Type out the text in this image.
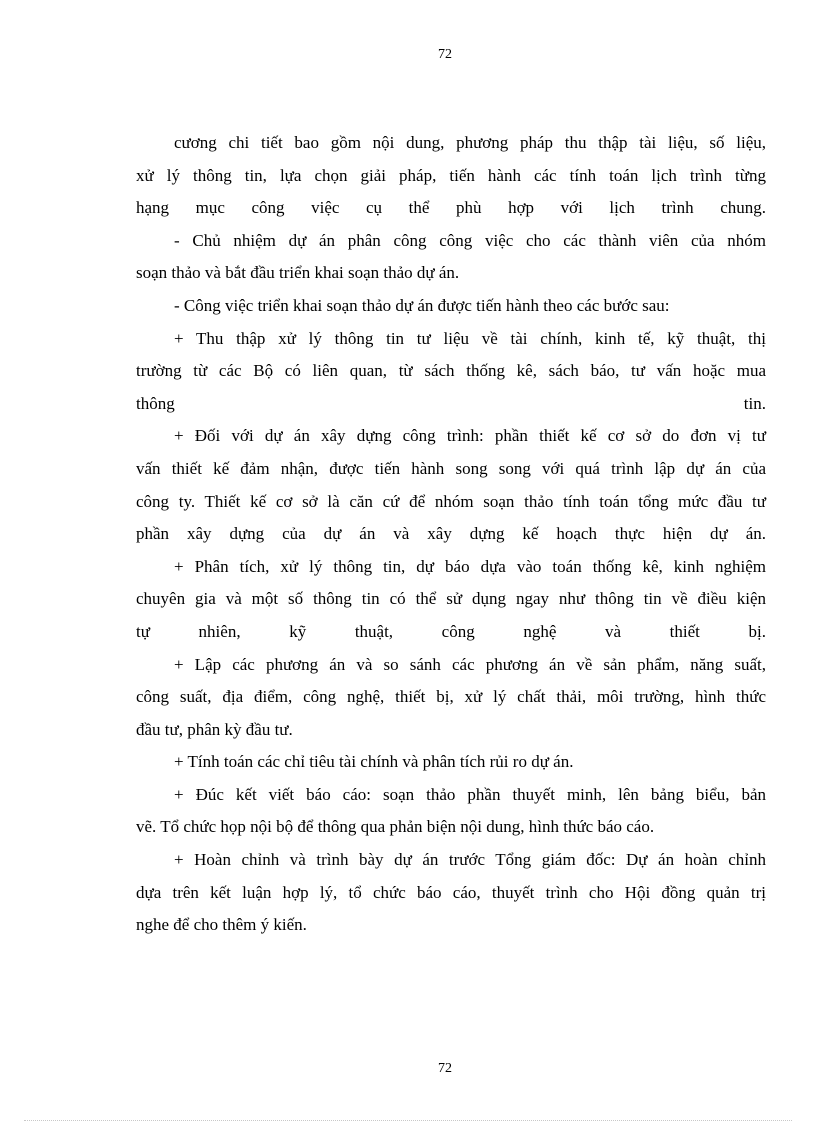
72
cương chi tiết bao gồm nội dung, phương pháp thu thập tài liệu, số liệu,
xử lý thông tin, lựa chọn giải pháp, tiến hành các tính toán lịch trình từng
hạng mục công việc cụ thể phù hợp với lịch trình chung.
- Chủ nhiệm dự án phân công công việc cho các thành viên của nhóm
soạn thảo và bắt đầu triển khai soạn thảo dự án.
- Công việc triển khai soạn thảo dự án được tiến hành theo các bước sau:
+ Thu thập xử lý thông tin tư liệu về tài chính, kinh tế, kỹ thuật, thị
trường từ các Bộ có liên quan, từ sách thống kê, sách báo, tư vấn hoặc mua
thông tin.
+ Đối với dự án xây dựng công trình: phần thiết kế cơ sở do đơn vị tư
vấn thiết kế đảm nhận, được tiến hành song song với quá trình lập dự án của
công ty. Thiết kế cơ sở là căn cứ để nhóm soạn thảo tính toán tổng mức đầu tư
phần xây dựng của dự án và xây dựng kế hoạch thực hiện dự án.
+ Phân tích, xử lý thông tin, dự báo dựa vào toán thống kê, kinh nghiệm
chuyên gia và một số thông tin có thể sử dụng ngay như thông tin về điều kiện
tự nhiên, kỹ thuật, công nghệ và thiết bị.
+ Lập các phương án và so sánh các phương án về sản phẩm, năng suất,
công suất, địa điểm, công nghệ, thiết bị, xử lý chất thải, môi trường, hình thức
đầu tư, phân kỳ đầu tư.
+ Tính toán các chỉ tiêu tài chính và phân tích rủi ro dự án.
+ Đúc kết viết báo cáo: soạn thảo phần thuyết minh, lên bảng biểu, bản
vẽ. Tổ chức họp nội bộ để thông qua phản biện nội dung, hình thức báo cáo.
+ Hoàn chỉnh và trình bày dự án trước Tổng giám đốc: Dự án hoàn chỉnh
dựa trên kết luận hợp lý, tổ chức báo cáo, thuyết trình cho Hội đồng quản trị
nghe để cho thêm ý kiến.
72
